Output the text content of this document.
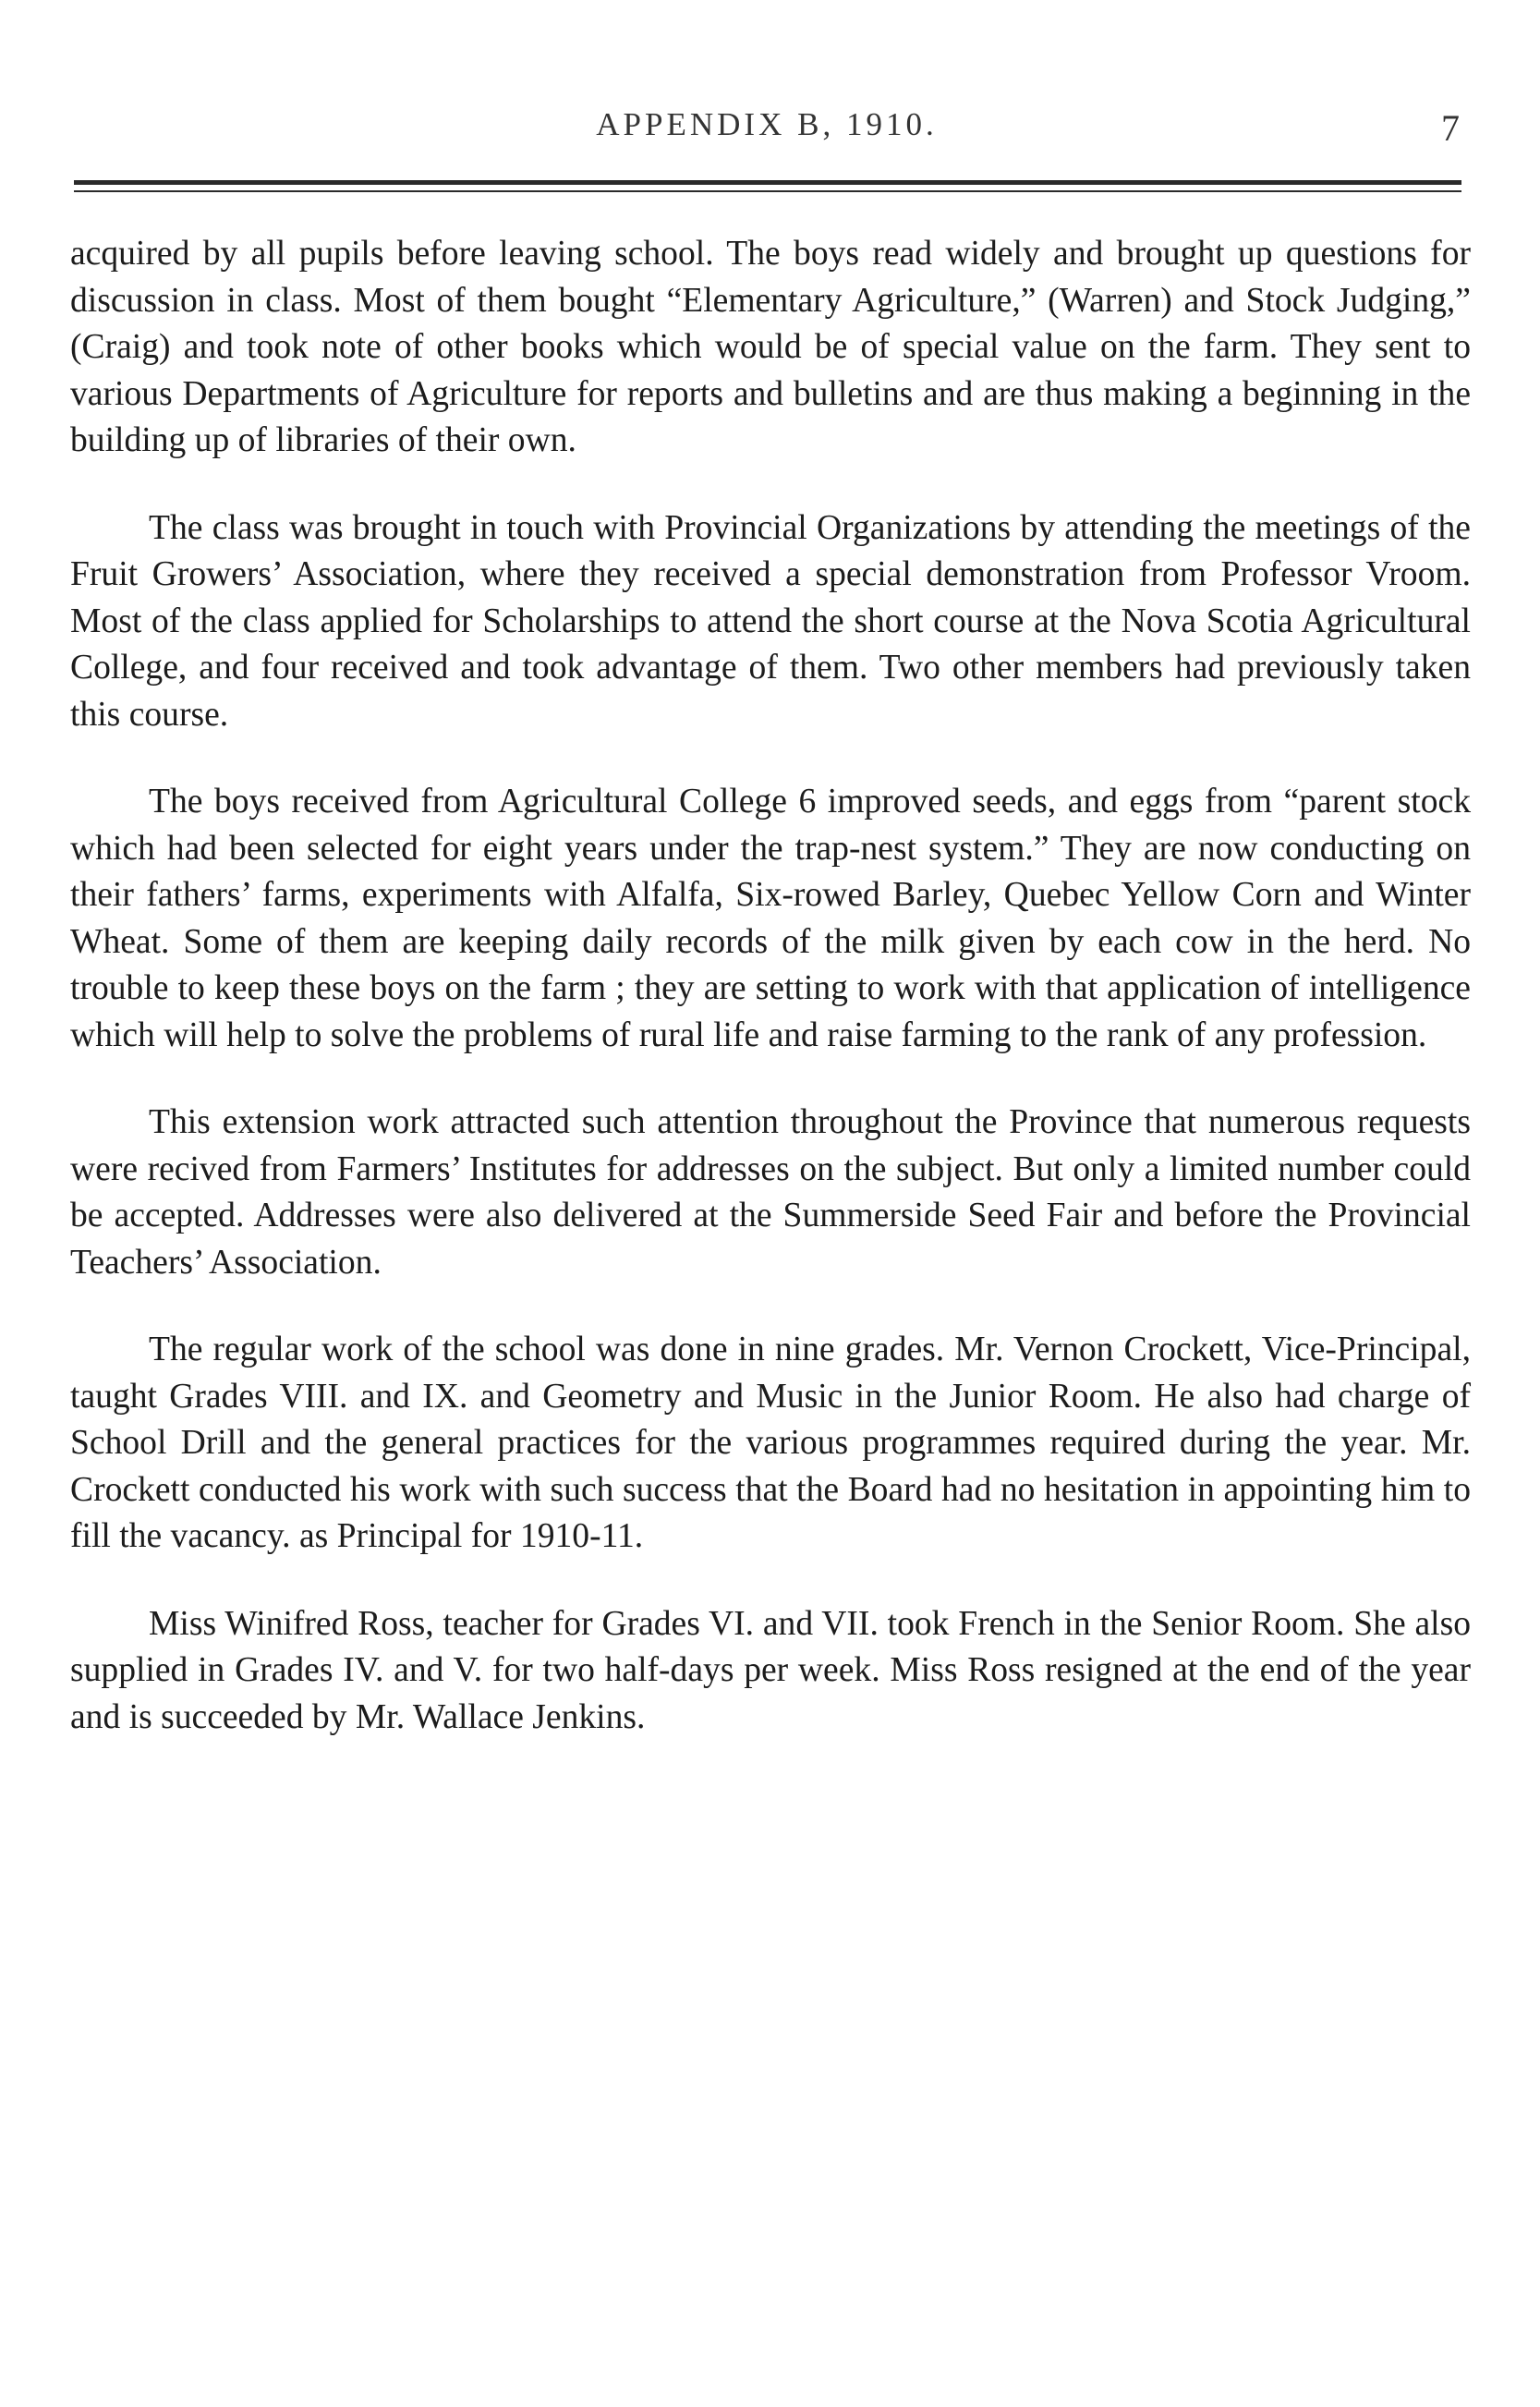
APPENDIX B, 1910.	7

acquired by all pupils before leaving school. The boys read widely and brought up questions for discussion in class. Most of them bought “Elementary Agriculture,” (Warren) and Stock Judging,” (Craig) and took note of other books which would be of special value on the farm. They sent to various Departments of Agriculture for reports and bulletins and are thus making a beginning in the building up of libraries of their own.

The class was brought in touch with Provincial Organizations by attending the meetings of the Fruit Growers’ Association, where they received a special demonstration from Professor Vroom. Most of the class applied for Scholarships to attend the short course at the Nova Scotia Agricultural College, and four received and took advantage of them. Two other members had previously taken this course.

The boys received from Agricultural College 6 improved seeds, and eggs from “parent stock which had been selected for eight years under the trap-nest system.” They are now conducting on their fathers’ farms, experiments with Alfalfa, Six-rowed Barley, Quebec Yellow Corn and Winter Wheat. Some of them are keeping daily records of the milk given by each cow in the herd. No trouble to keep these boys on the farm ; they are setting to work with that application of intelligence which will help to solve the problems of rural life and raise farming to the rank of any profession.

This extension work attracted such attention throughout the Province that numerous requests were recived from Farmers’ Institutes for addresses on the subject. But only a limited number could be accepted. Addresses were also delivered at the Summerside Seed Fair and before the Provincial Teachers’ Association.

The regular work of the school was done in nine grades. Mr. Vernon Crockett, Vice-Principal, taught Grades VIII. and IX. and Geometry and Music in the Junior Room. He also had charge of School Drill and the general practices for the various programmes required during the year. Mr. Crockett conducted his work with such success that the Board had no hesitation in appointing him to fill the vacancy. as Principal for 1910-11.

Miss Winifred Ross, teacher for Grades VI. and VII. took French in the Senior Room. She also supplied in Grades IV. and V. for two half-days per week. Miss Ross resigned at the end of the year and is succeeded by Mr. Wallace Jenkins.
